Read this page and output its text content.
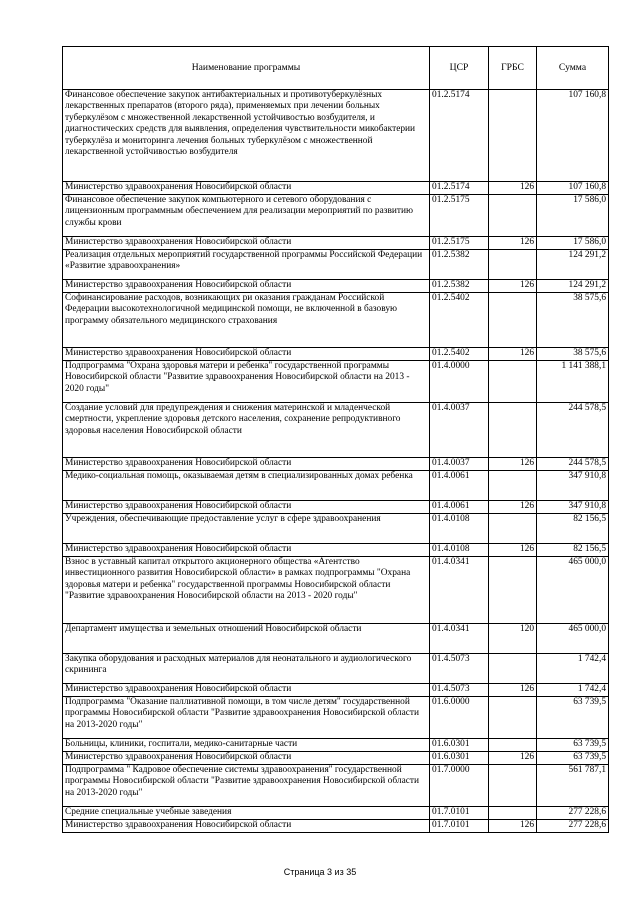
Наименование программы	ЦСР	ГРБС	Сумма
Финансовое обеспечение закупок антибактериальных и противотуберкулёзных лекарственных препаратов (второго ряда), применяемых при лечении больных туберкулёзом с множественной лекарственной устойчивостью возбудителя, и диагностических средств для выявления, определения чувствительности микобактерии туберкулёза и мониторинга лечения больных туберкулёзом с множественной лекарственной устойчивостью возбудителя	01.2.5174		107 160,8
Министерство здравоохранения Новосибирской области	01.2.5174	126	107 160,8
Финансовое обеспечение закупок компьютерного и сетевого оборудования с лицензионным программным обеспечением для реализации мероприятий по развитию службы крови	01.2.5175		17 586,0
Министерство здравоохранения Новосибирской области	01.2.5175	126	17 586,0
Реализация отдельных мероприятий государственной программы Российской Федерации «Развитие здравоохранения»	01.2.5382		124 291,2
Министерство здравоохранения Новосибирской области	01.2.5382	126	124 291,2
Софинансирование расходов, возникающих ри оказания гражданам Российской Федерации высокотехнологичной медицинской помощи, не включенной в базовую программу обязательного медицинского страхования	01.2.5402		38 575,6
Министерство здравоохранения Новосибирской области	01.2.5402	126	38 575,6
Подпрограмма "Охрана здоровья матери и ребенка" государственной программы Новосибирской области "Развитие здравоохранения Новосибирской области на 2013 - 2020 годы"	01.4.0000		1 141 388,1
Создание условий для предупреждения и снижения материнской и младенческой смертности, укрепление здоровья детского населения, сохранение репродуктивного здоровья населения Новосибирской области	01.4.0037		244 578,5
Министерство здравоохранения Новосибирской области	01.4.0037	126	244 578,5
Медико-социальная помощь, оказываемая детям в специализированных домах ребенка	01.4.0061		347 910,8
Министерство здравоохранения Новосибирской области	01.4.0061	126	347 910,8
Учреждения, обеспечивающие предоставление услуг в сфере здравоохранения	01.4.0108		82 156,5
Министерство здравоохранения Новосибирской области	01.4.0108	126	82 156,5
Взнос в уставный капитал открытого акционерного общества «Агентство инвестиционного развития Новосибирской области» в рамках подпрограммы "Охрана здоровья матери и ребенка" государственной программы Новосибирской области "Развитие здравоохранения Новосибирской области на 2013 - 2020 годы"	01.4.0341		465 000,0
Департамент имущества и земельных отношений Новосибирской области	01.4.0341	120	465 000,0
Закупка оборудования и расходных материалов для неонатального и аудиологического скрининга	01.4.5073		1 742,4
Министерство здравоохранения Новосибирской области	01.4.5073	126	1 742,4
Подпрограмма "Оказание паллиативной помощи, в том числе детям" государственной программы Новосибирской области "Развитие здравоохранения Новосибирской области на 2013-2020 годы"	01.6.0000		63 739,5
Больницы, клиники, госпитали, медико-санитарные части	01.6.0301		63 739,5
Министерство здравоохранения Новосибирской области	01.6.0301	126	63 739,5
Подпрограмма " Кадровое обеспечение системы здравоохранения" государственной программы Новосибирской области "Развитие здравоохранения Новосибирской области на 2013-2020 годы"	01.7.0000		561 787,1
Средние специальные учебные заведения	01.7.0101		277 228,6
Министерство здравоохранения Новосибирской области	01.7.0101	126	277 228,6
Страница 3 из 35
